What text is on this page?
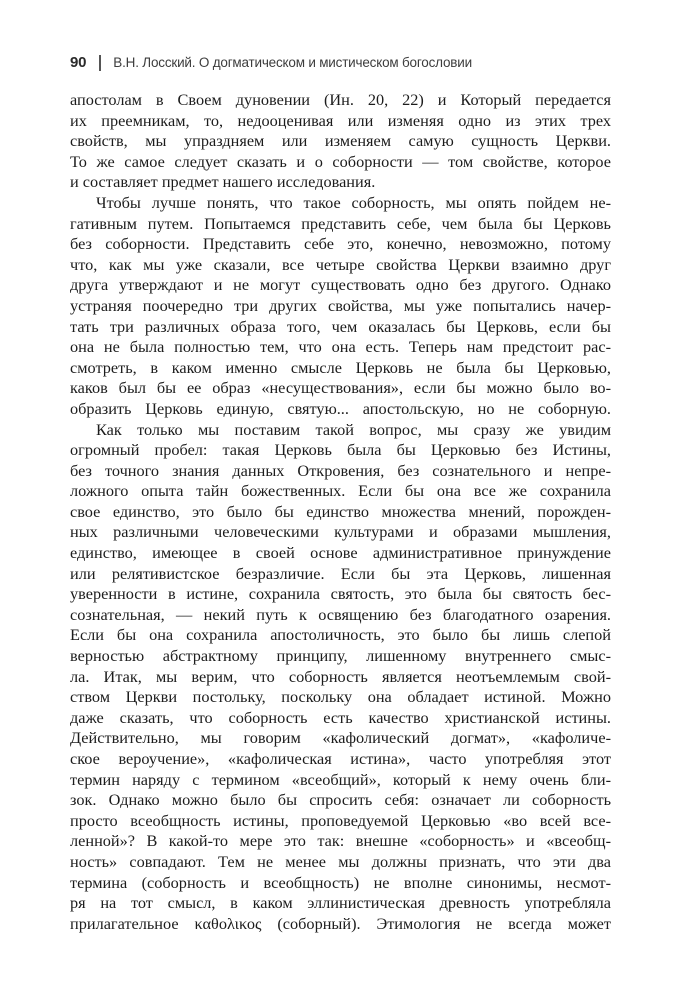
90 В.Н. Лосский. О догматическом и мистическом богословии
апостолам в Своем дуновении (Ин. 20, 22) и Который передается
их преемникам, то, недооценивая или изменяя одно из этих трех
свойств, мы упраздняем или изменяем самую сущность Церкви.
То же самое следует сказать и о соборности — том свойстве, которое
и составляет предмет нашего исследования.
Чтобы лучше понять, что такое соборность, мы опять пойдем не-
гативным путем. Попытаемся представить себе, чем была бы Церковь
без соборности. Представить себе это, конечно, невозможно, потому
что, как мы уже сказали, все четыре свойства Церкви взаимно друг
друга утверждают и не могут существовать одно без другого. Однако
устраняя поочередно три других свойства, мы уже попытались начер-
тать три различных образа того, чем оказалась бы Церковь, если бы
она не была полностью тем, что она есть. Теперь нам предстоит рас-
смотреть, в каком именно смысле Церковь не была бы Церковью,
каков был бы ее образ «несуществования», если бы можно было во-
образить Церковь единую, святую... апостольскую, но не соборную.
Как только мы поставим такой вопрос, мы сразу же увидим
огромный пробел: такая Церковь была бы Церковью без Истины,
без точного знания данных Откровения, без сознательного и непре-
ложного опыта тайн божественных. Если бы она все же сохранила
свое единство, это было бы единство множества мнений, порожден-
ных различными человеческими культурами и образами мышления,
единство, имеющее в своей основе административное принуждение
или релятивистское безразличие. Если бы эта Церковь, лишенная
уверенности в истине, сохранила святость, это была бы святость бес-
сознательная, — некий путь к освящению без благодатного озарения.
Если бы она сохранила апостоличность, это было бы лишь слепой
верностью абстрактному принципу, лишенному внутреннего смыс-
ла. Итак, мы верим, что соборность является неотъемлемым свой-
ством Церкви постольку, поскольку она обладает истиной. Можно
даже сказать, что соборность есть качество христианской истины.
Действительно, мы говорим «кафолический догмат», «кафоличе-
ское вероучение», «кафолическая истина», часто употребляя этот
термин наряду с термином «всеобщий», который к нему очень бли-
зок. Однако можно было бы спросить себя: означает ли соборность
просто всеобщность истины, проповедуемой Церковью «во всей все-
ленной»? В какой-то мере это так: внешне «соборность» и «всеобщ-
ность» совпадают. Тем не менее мы должны признать, что эти два
термина (соборность и всеобщность) не вполне синонимы, несмот-
ря на тот смысл, в каком эллинистическая древность употребляла
прилагательное καθολικος (соборный). Этимология не всегда может
